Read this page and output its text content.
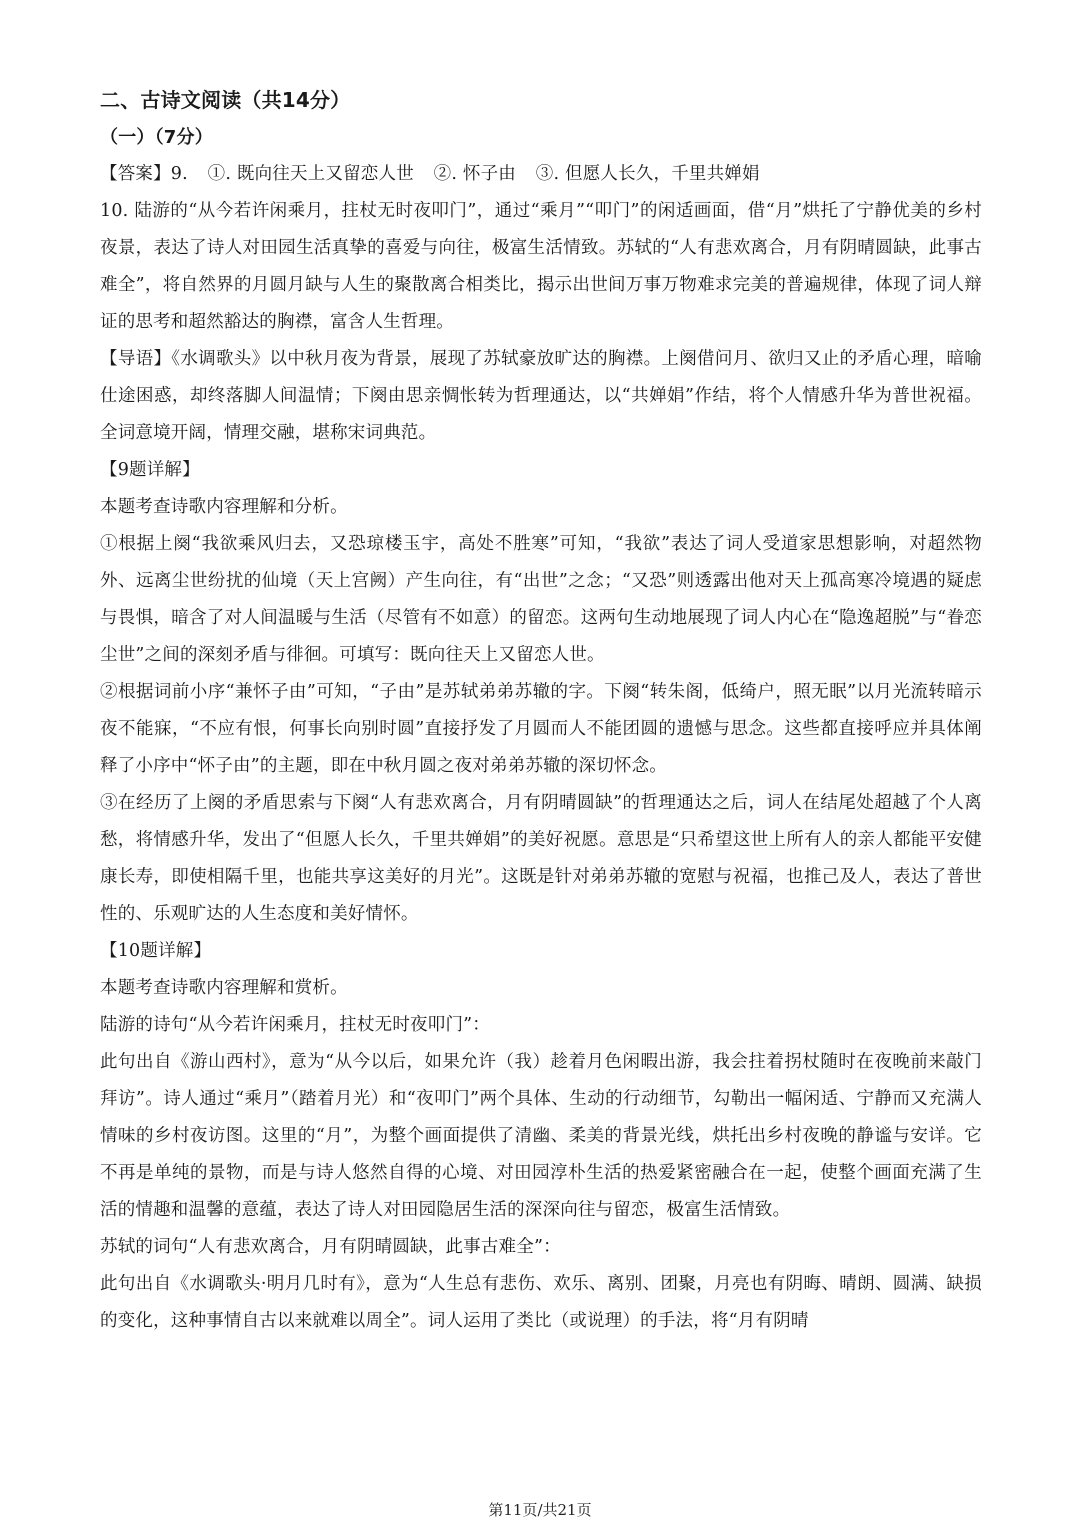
二、古诗文阅读（共14分）

（一）（7分）

【答案】9. ①. 既向往天上又留恋人世 ②. 怀子由 ③. 但愿人长久，千里共婵娟

10. 陆游的“从今若许闲乘月，拄杖无时夜叩门”，通过“乘月”“叩门”的闲适画面，借“月”烘托了宁静优美的乡村夜景，表达了诗人对田园生活真挚的喜爱与向往，极富生活情致。苏轼的“人有悲欢离合，月有阴晴圆缺，此事古难全”，将自然界的月圆月缺与人生的聚散离合相类比，揭示出世间万事万物难求完美的普遍规律，体现了词人辩证的思考和超然豁达的胸襟，富含人生哲理。

【导语】《水调歌头》以中秋月夜为背景，展现了苏轼豪放旷达的胸襟。上阕借问月、欲归又止的矛盾心理，暗喻仕途困惑，却终落脚人间温情；下阕由思亲惆怅转为哲理通达，以“共婵娟”作结，将个人情感升华为普世祝福。全词意境开阔，情理交融，堪称宋词典范。

【9题详解】

本题考查诗歌内容理解和分析。

①根据上阕“我欲乘风归去，又恐琼楼玉宇，高处不胜寒”可知，“我欲”表达了词人受道家思想影响，对超然物外、远离尘世纷扰的仙境（天上宫阙）产生向往，有“出世”之念；“又恐”则透露出他对天上孤高寒冷境遇的疑虑与畏惧，暗含了对人间温暖与生活（尽管有不如意）的留恋。这两句生动地展现了词人内心在“隐逸超脱”与“眷恋尘世”之间的深刻矛盾与徘徊。可填写：既向往天上又留恋人世。

②根据词前小序“兼怀子由”可知，“子由”是苏轼弟弟苏辙的字。下阕“转朱阁，低绮户，照无眠”以月光流转暗示夜不能寐，“不应有恨，何事长向别时圆”直接抒发了月圆而人不能团圆的遗憾与思念。这些都直接呼应并具体阐释了小序中“怀子由”的主题，即在中秋月圆之夜对弟弟苏辙的深切怀念。

③在经历了上阕的矛盾思索与下阕“人有悲欢离合，月有阴晴圆缺”的哲理通达之后，词人在结尾处超越了个人离愁，将情感升华，发出了“但愿人长久，千里共婵娟”的美好祝愿。意思是“只希望这世上所有人的亲人都能平安健康长寿，即使相隔千里，也能共享这美好的月光”。这既是针对弟弟苏辙的宽慰与祝福，也推己及人，表达了普世性的、乐观旷达的人生态度和美好情怀。

【10题详解】

本题考查诗歌内容理解和赏析。

陆游的诗句“从今若许闲乘月，拄杖无时夜叩门”：

此句出自《游山西村》，意为“从今以后，如果允许（我）趁着月色闲暇出游，我会拄着拐杖随时在夜晚前来敲门拜访”。诗人通过“乘月”（踏着月光）和“夜叩门”两个具体、生动的行动细节，勾勒出一幅闲适、宁静而又充满人情味的乡村夜访图。这里的“月”，为整个画面提供了清幽、柔美的背景光线，烘托出乡村夜晚的静谧与安详。它不再是单纯的景物，而是与诗人悠然自得的心境、对田园淳朴生活的热爱紧密融合在一起，使整个画面充满了生活的情趣和温馨的意蕴，表达了诗人对田园隐居生活的深深向往与留恋，极富生活情致。

苏轼的词句“人有悲欢离合，月有阴晴圆缺，此事古难全”：

此句出自《水调歌头·明月几时有》，意为“人生总有悲伤、欢乐、离别、团聚，月亮也有阴晦、晴朗、圆满、缺损的变化，这种事情自古以来就难以周全”。词人运用了类比（或说理）的手法，将“月有阴晴

第11页/共21页
